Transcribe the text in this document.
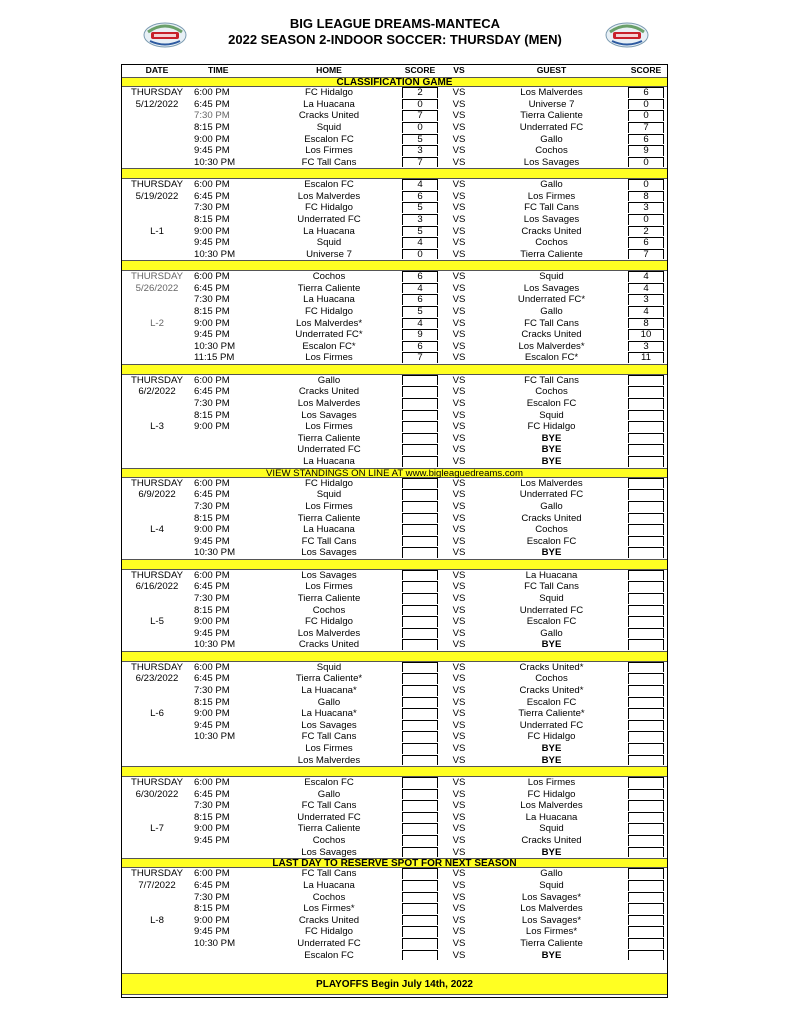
BIG LEAGUE DREAMS-MANTECA
2022 SEASON 2-INDOOR SOCCER: THURSDAY (MEN)
DATE	TIME	HOME	SCORE	VS	GUEST	SCORE
CLASSIFICATION GAME
THURSDAY	6:00 PM	FC Hidalgo	2	VS	Los Malverdes	6
5/12/2022	6:45 PM	La Huacana	0	VS	Universe 7	0
7:30 PM	Cracks United	7	VS	Tierra Caliente	0
8:15 PM	Squid	0	VS	Underrated FC	7
9:00 PM	Escalon FC	5	VS	Gallo	6
9:45 PM	Los Firmes	3	VS	Cochos	9
10:30 PM	FC Tall Cans	7	VS	Los Savages	0
THURSDAY	6:00 PM	Escalon FC	4	VS	Gallo	0
5/19/2022	6:45 PM	Los Malverdes	6	VS	Los Firmes	8
7:30 PM	FC Hidalgo	5	VS	FC Tall Cans	3
8:15 PM	Underrated FC	3	VS	Los Savages	0
L-1	9:00 PM	La Huacana	5	VS	Cracks United	2
9:45 PM	Squid	4	VS	Cochos	6
10:30 PM	Universe 7	0	VS	Tierra Caliente	7
THURSDAY	6:00 PM	Cochos	6	VS	Squid	4
5/26/2022	6:45 PM	Tierra Caliente	4	VS	Los Savages	4
7:30 PM	La Huacana	6	VS	Underrated FC*	3
8:15 PM	FC Hidalgo	5	VS	Gallo	4
L-2	9:00 PM	Los Malverdes*	4	VS	FC Tall Cans	8
9:45 PM	Underrated FC*	9	VS	Cracks United	10
10:30 PM	Escalon FC*	6	VS	Los Malverdes*	3
11:15 PM	Los Firmes	7	VS	Escalon FC*	11
THURSDAY	6:00 PM	Gallo	VS	FC Tall Cans
6/2/2022	6:45 PM	Cracks United	VS	Cochos
7:30 PM	Los Malverdes	VS	Escalon FC
8:15 PM	Los Savages	VS	Squid
L-3	9:00 PM	Los Firmes	VS	FC Hidalgo
Tierra Caliente	VS	BYE
Underrated FC	VS	BYE
La Huacana	VS	BYE
VIEW STANDINGS ON LINE AT www.bigleaguedreams.com
THURSDAY	6:00 PM	FC Hidalgo	VS	Los Malverdes
6/9/2022	6:45 PM	Squid	VS	Underrated FC
7:30 PM	Los Firmes	VS	Gallo
8:15 PM	Tierra Caliente	VS	Cracks United
L-4	9:00 PM	La Huacana	VS	Cochos
9:45 PM	FC Tall Cans	VS	Escalon FC
10:30 PM	Los Savages	VS	BYE
THURSDAY	6:00 PM	Los Savages	VS	La Huacana
6/16/2022	6:45 PM	Los Firmes	VS	FC Tall Cans
7:30 PM	Tierra Caliente	VS	Squid
8:15 PM	Cochos	VS	Underrated FC
L-5	9:00 PM	FC Hidalgo	VS	Escalon FC
9:45 PM	Los Malverdes	VS	Gallo
10:30 PM	Cracks United	VS	BYE
THURSDAY	6:00 PM	Squid	VS	Cracks United*
6/23/2022	6:45 PM	Tierra Caliente*	VS	Cochos
7:30 PM	La Huacana*	VS	Cracks United*
8:15 PM	Gallo	VS	Escalon FC
L-6	9:00 PM	La Huacana*	VS	Tierra Caliente*
9:45 PM	Los Savages	VS	Underrated FC
10:30 PM	FC Tall Cans	VS	FC Hidalgo
Los Firmes	VS	BYE
Los Malverdes	VS	BYE
THURSDAY	6:00 PM	Escalon FC	VS	Los Firmes
6/30/2022	6:45 PM	Gallo	VS	FC Hidalgo
7:30 PM	FC Tall Cans	VS	Los Malverdes
8:15 PM	Underrated FC	VS	La Huacana
L-7	9:00 PM	Tierra Caliente	VS	Squid
9:45 PM	Cochos	VS	Cracks United
Los Savages	VS	BYE
LAST DAY TO RESERVE SPOT FOR NEXT SEASON
THURSDAY	6:00 PM	FC Tall Cans	VS	Gallo
7/7/2022	6:45 PM	La Huacana	VS	Squid
7:30 PM	Cochos	VS	Los Savages*
8:15 PM	Los Firmes*	VS	Los Malverdes
L-8	9:00 PM	Cracks United	VS	Los Savages*
9:45 PM	FC Hidalgo	VS	Los Firmes*
10:30 PM	Underrated FC	VS	Tierra Caliente
Escalon FC	VS	BYE
PLAYOFFS Begin July 14th, 2022
